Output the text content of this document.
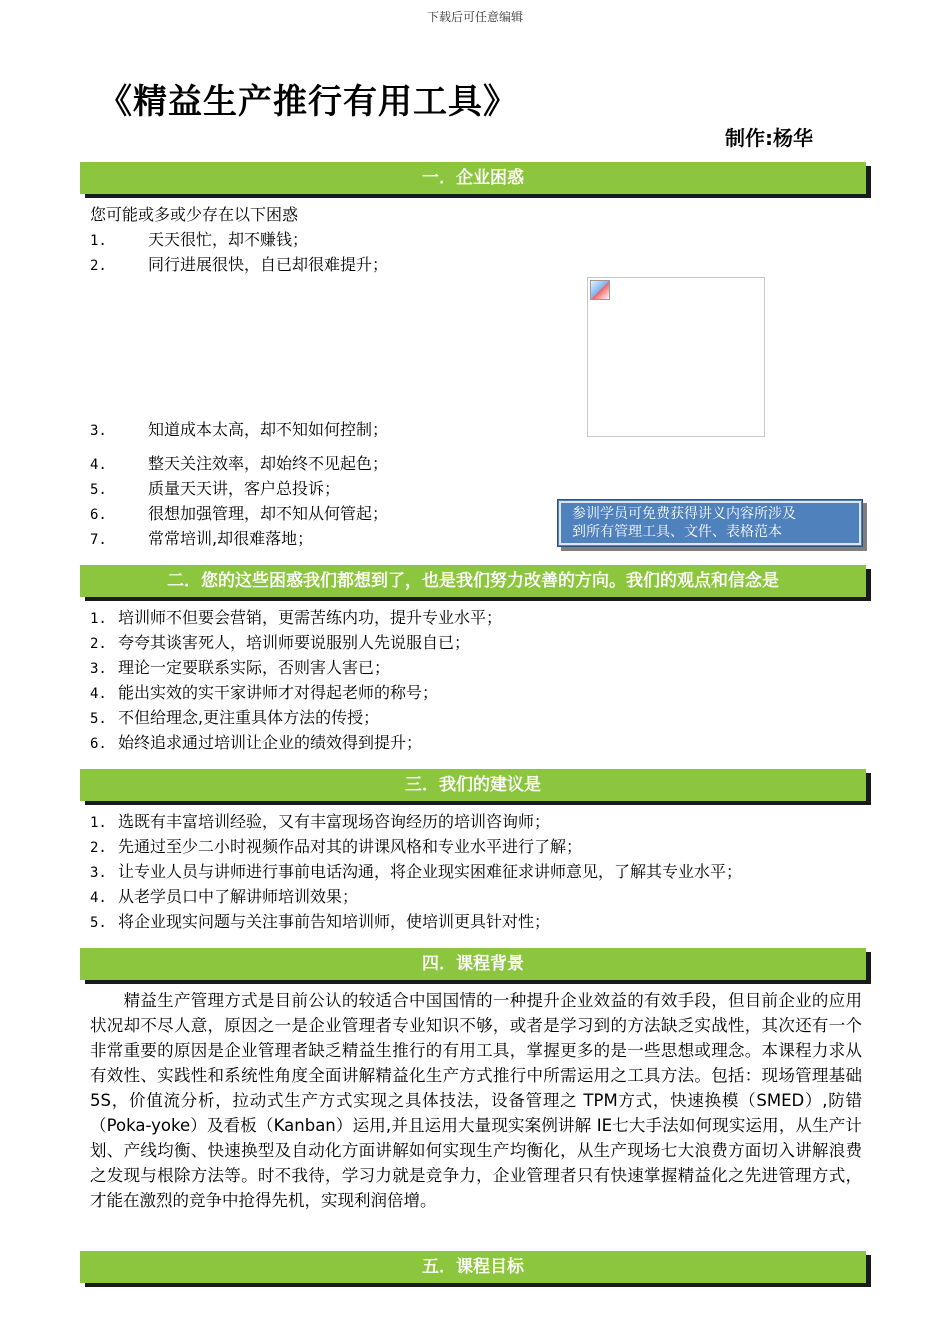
下载后可任意编辑
《精益生产推行有用工具》
制作:杨华
一．企业困惑
您可能或多或少存在以下困惑
1.	天天很忙，却不赚钱；
2.	同行进展很快，自已却很难提升；
3.	知道成本太高，却不知如何控制；
4.	整天关注效率，却始终不见起色；
5.	质量天天讲，客户总投诉；
6.	很想加强管理，却不知从何管起；
7.	常常培训,却很难落地；
参训学员可免费获得讲义内容所涉及
到所有管理工具、文件、表格范本
二．您的这些困惑我们都想到了，也是我们努力改善的方向。我们的观点和信念是
1. 培训师不但要会营销，更需苦练内功，提升专业水平；
2. 夸夸其谈害死人，培训师要说服别人先说服自已；
3. 理论一定要联系实际，否则害人害已；
4. 能出实效的实干家讲师才对得起老师的称号；
5. 不但给理念,更注重具体方法的传授；
6. 始终追求通过培训让企业的绩效得到提升；
三．我们的建议是
1. 选既有丰富培训经验，又有丰富现场咨询经历的培训咨询师；
2. 先通过至少二小时视频作品对其的讲课风格和专业水平进行了解；
3. 让专业人员与讲师进行事前电话沟通，将企业现实困难征求讲师意见，了解其专业水平；
4. 从老学员口中了解讲师培训效果；
5. 将企业现实问题与关注事前告知培训师，使培训更具针对性；
四．课程背景
　　精益生产管理方式是目前公认的较适合中国国情的一种提升企业效益的有效手段，但目前企业的应用状况却不尽人意，原因之一是企业管理者专业知识不够，或者是学习到的方法缺乏实战性，其次还有一个非常重要的原因是企业管理者缺乏精益生推行的有用工具，掌握更多的是一些思想或理念。本课程力求从有效性、实践性和系统性角度全面讲解精益化生产方式推行中所需运用之工具方法。包括：现场管理基础5S，价值流分析，拉动式生产方式实现之具体技法，设备管理之 TPM方式，快速换模（SMED）,防错（Poka-yoke）及看板（Kanban）运用,并且运用大量现实案例讲解 IE七大手法如何现实运用，从生产计划、产线均衡、快速换型及自动化方面讲解如何实现生产均衡化，从生产现场七大浪费方面切入讲解浪费之发现与根除方法等。时不我待，学习力就是竞争力，企业管理者只有快速掌握精益化之先进管理方式，才能在激烈的竞争中抢得先机，实现利润倍增。
五．课程目标
